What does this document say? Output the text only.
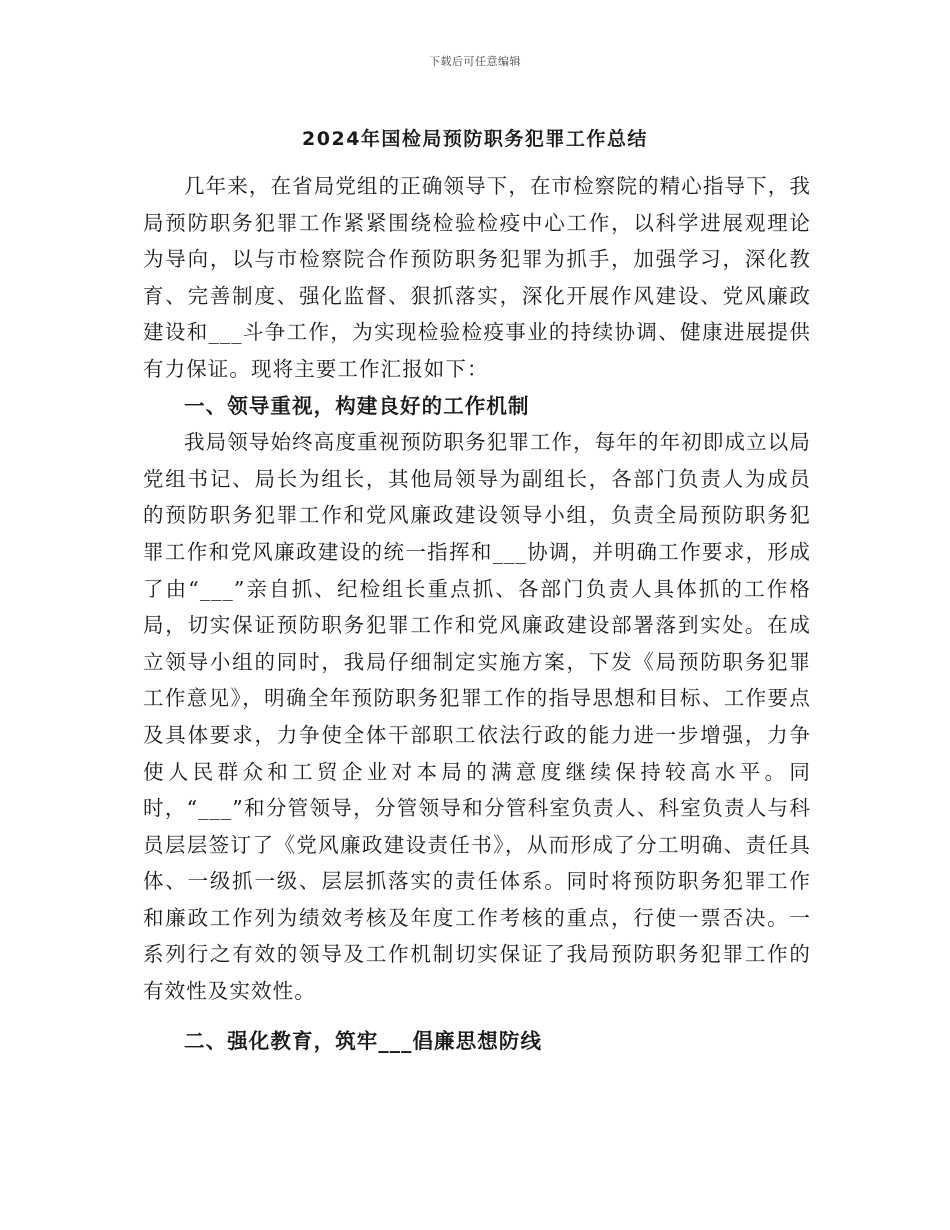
下载后可任意编辑
2024年国检局预防职务犯罪工作总结

几年来，在省局党组的正确领导下，在市检察院的精心指导下，我局预防职务犯罪工作紧紧围绕检验检疫中心工作，以科学进展观理论为导向，以与市检察院合作预防职务犯罪为抓手，加强学习，深化教育、完善制度、强化监督、狠抓落实，深化开展作风建设、党风廉政建设和___斗争工作，为实现检验检疫事业的持续协调、健康进展提供有力保证。现将主要工作汇报如下：

一、领导重视，构建良好的工作机制

我局领导始终高度重视预防职务犯罪工作，每年的年初即成立以局党组书记、局长为组长，其他局领导为副组长，各部门负责人为成员的预防职务犯罪工作和党风廉政建设领导小组，负责全局预防职务犯罪工作和党风廉政建设的统一指挥和___协调，并明确工作要求，形成了由“___”亲自抓、纪检组长重点抓、各部门负责人具体抓的工作格局，切实保证预防职务犯罪工作和党风廉政建设部署落到实处。在成立领导小组的同时，我局仔细制定实施方案，下发《局预防职务犯罪工作意见》，明确全年预防职务犯罪工作的指导思想和目标、工作要点及具体要求，力争使全体干部职工依法行政的能力进一步增强，力争使人民群众和工贸企业对本局的满意度继续保持较高水平。同时，“___”和分管领导，分管领导和分管科室负责人、科室负责人与科员层层签订了《党风廉政建设责任书》，从而形成了分工明确、责任具体、一级抓一级、层层抓落实的责任体系。同时将预防职务犯罪工作和廉政工作列为绩效考核及年度工作考核的重点，行使一票否决。一系列行之有效的领导及工作机制切实保证了我局预防职务犯罪工作的有效性及实效性。

二、强化教育，筑牢___倡廉思想防线
